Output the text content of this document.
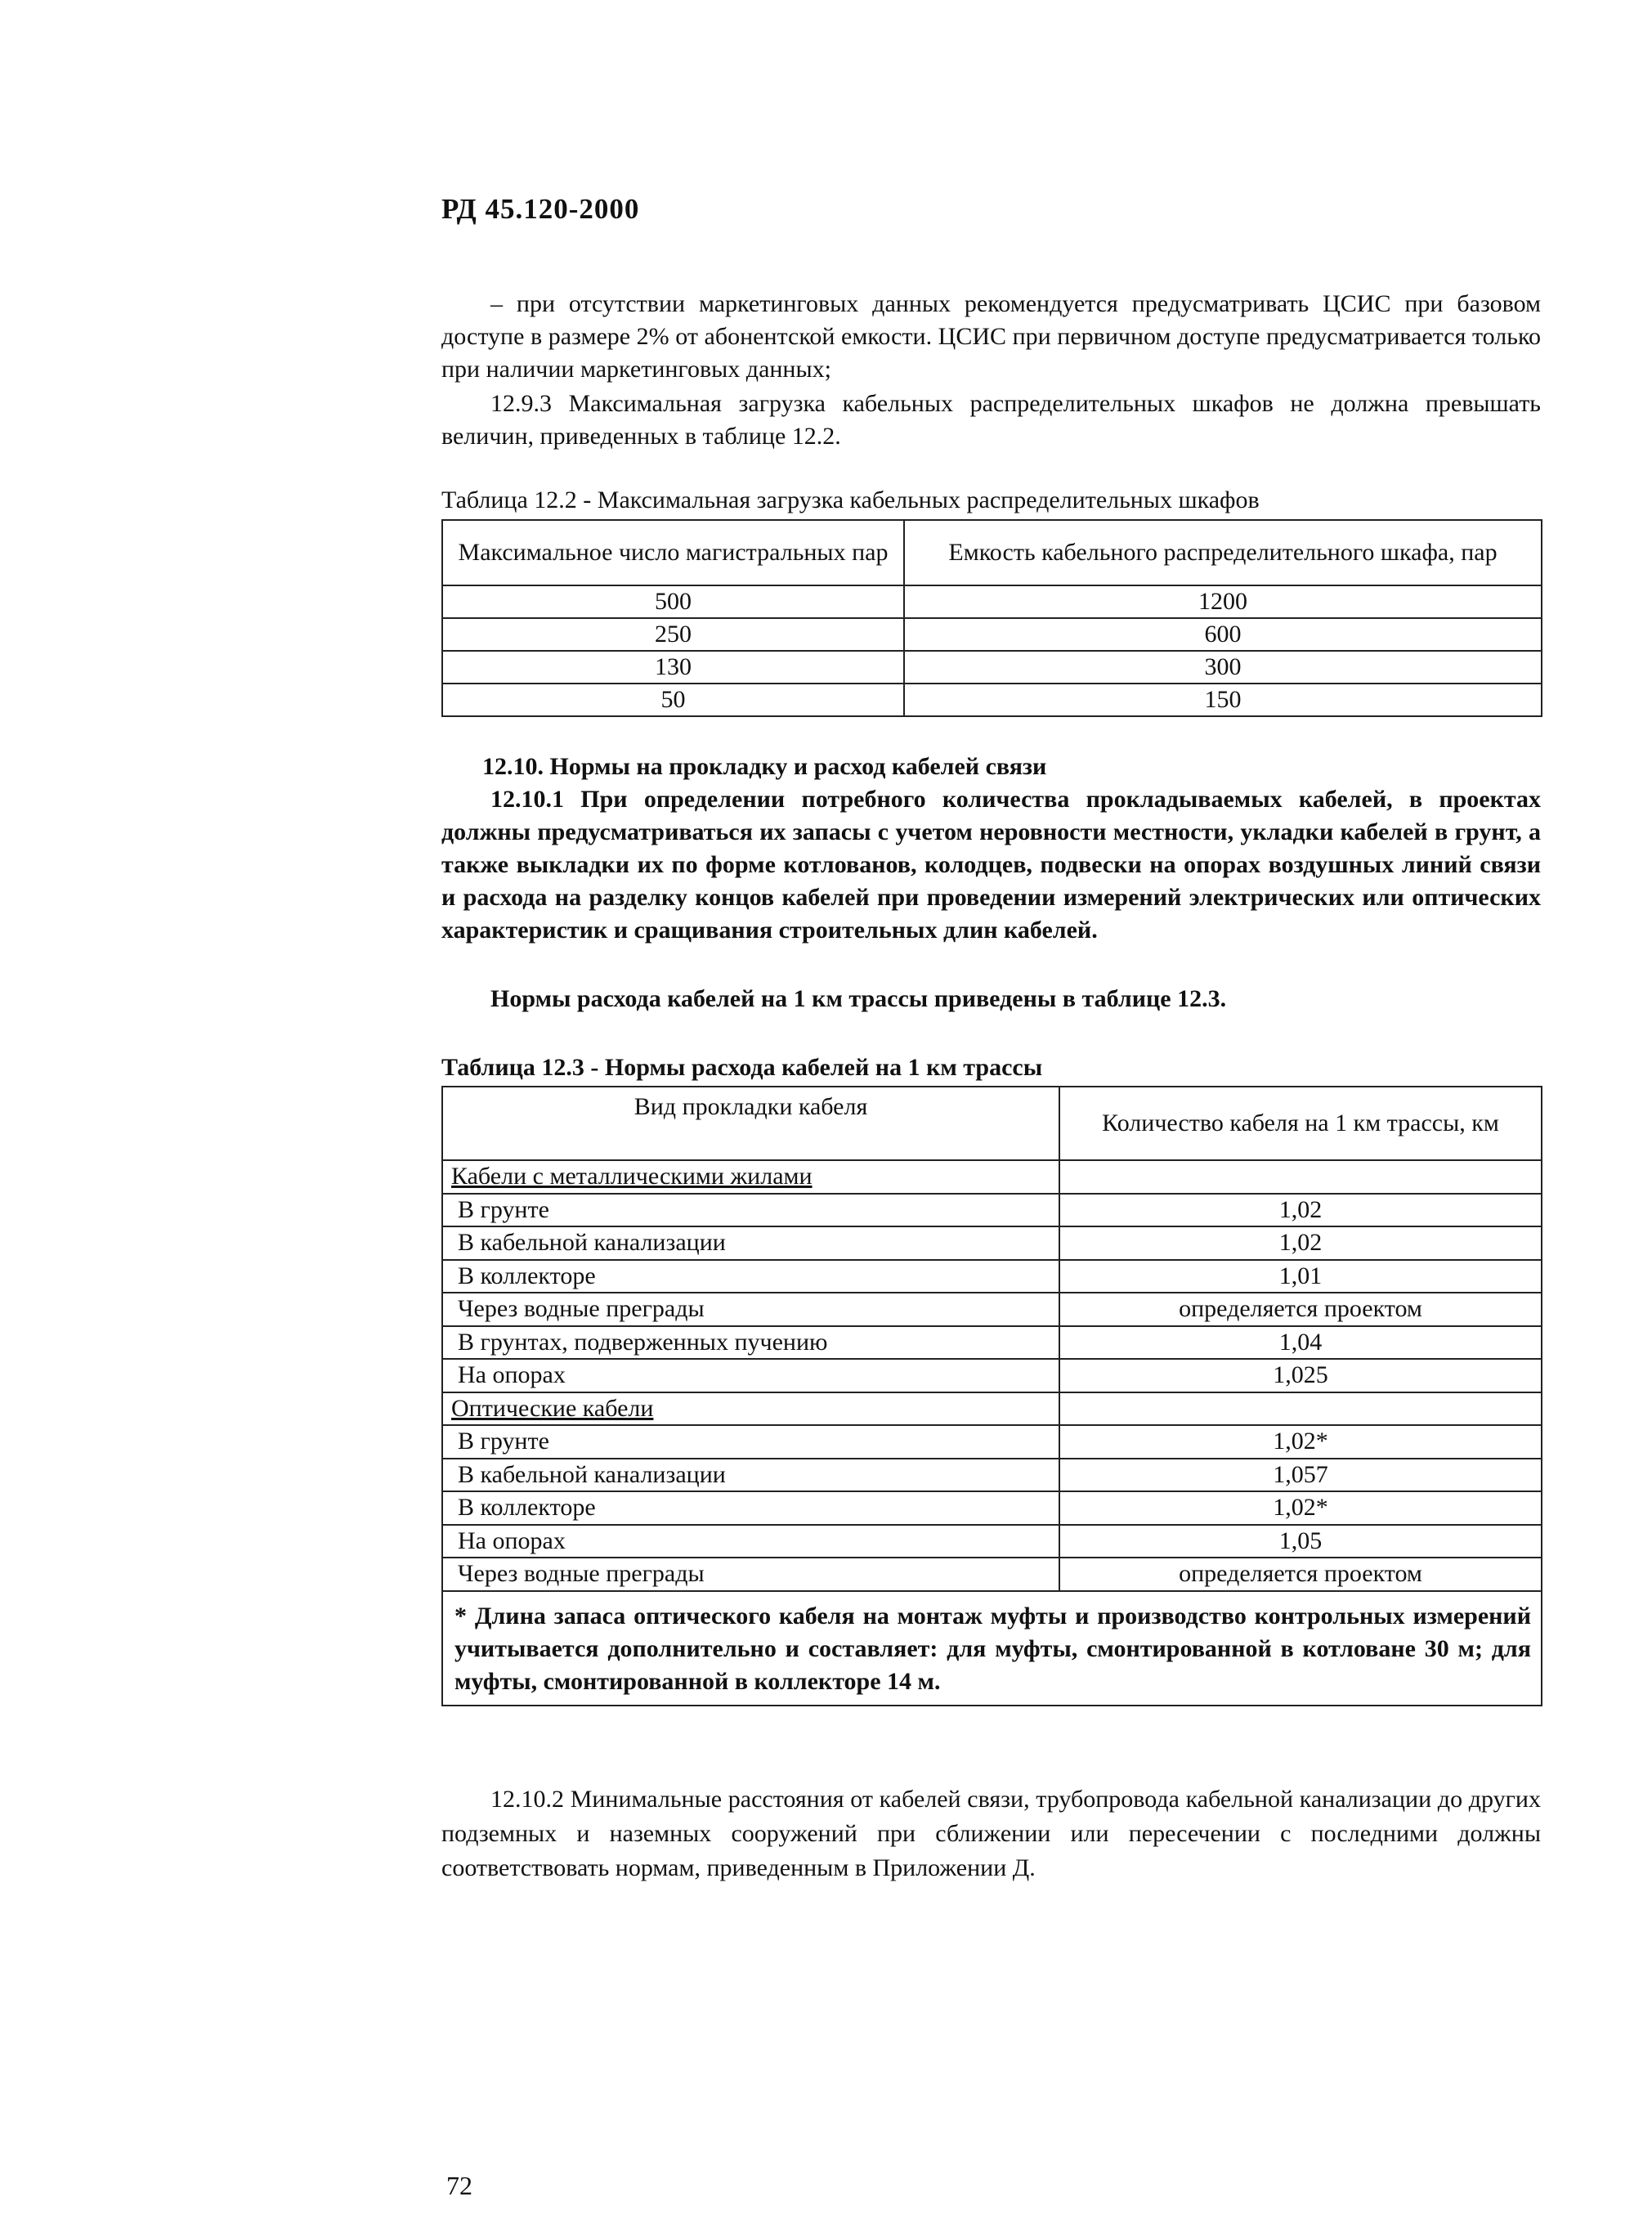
РД 45.120-2000

– при отсутствии маркетинговых данных рекомендуется предусматривать ЦСИС при базовом доступе в размере 2% от абонентской емкости. ЦСИС при первичном доступе предусматривается только при наличии маркетинговых данных;

12.9.3 Максимальная загрузка кабельных распределительных шкафов не должна превышать величин, приведенных в таблице 12.2.

Таблица 12.2 - Максимальная загрузка кабельных распределительных шкафов
Максимальное число магистральных пар	Емкость кабельного распределительного шкафа, пар
500	1200
250	600
130	300
50	150
12.10. Нормы на прокладку и расход кабелей связи

12.10.1 При определении потребного количества прокладываемых кабелей, в проектах должны предусматриваться их запасы с учетом неровности местности, укладки кабелей в грунт, а также выкладки их по форме котлованов, колодцев, подвески на опорах воздушных линий связи и расхода на разделку концов кабелей при проведении измерений электрических или оптических характеристик и сращивания строительных длин кабелей.

Нормы расхода кабелей на 1 км трассы приведены в таблице 12.3.

Таблица 12.3 - Нормы расхода кабелей на 1 км трассы
Вид прокладки кабеля	Количество кабеля на 1 км трассы, км
Кабели с металлическими жилами	
В грунте	1,02
В кабельной канализации	1,02
В коллекторе	1,01
Через водные преграды	определяется проектом
В грунтах, подверженных пучению	1,04
На опорах	1,025
Оптические кабели	
В грунте	1,02*
В кабельной канализации	1,057
В коллекторе	1,02*
На опорах	1,05
Через водные преграды	определяется проектом
* Длина запаса оптического кабеля на монтаж муфты и производство контрольных измерений учитывается дополнительно и составляет: для муфты, смонтированной в котловане 30 м; для муфты, смонтированной в коллекторе 14 м.	

12.10.2 Минимальные расстояния от кабелей связи, трубопровода кабельной канализации до других подземных и наземных сооружений при сближении или пересечении с последними должны соответствовать нормам, приведенным в Приложении Д.

72
